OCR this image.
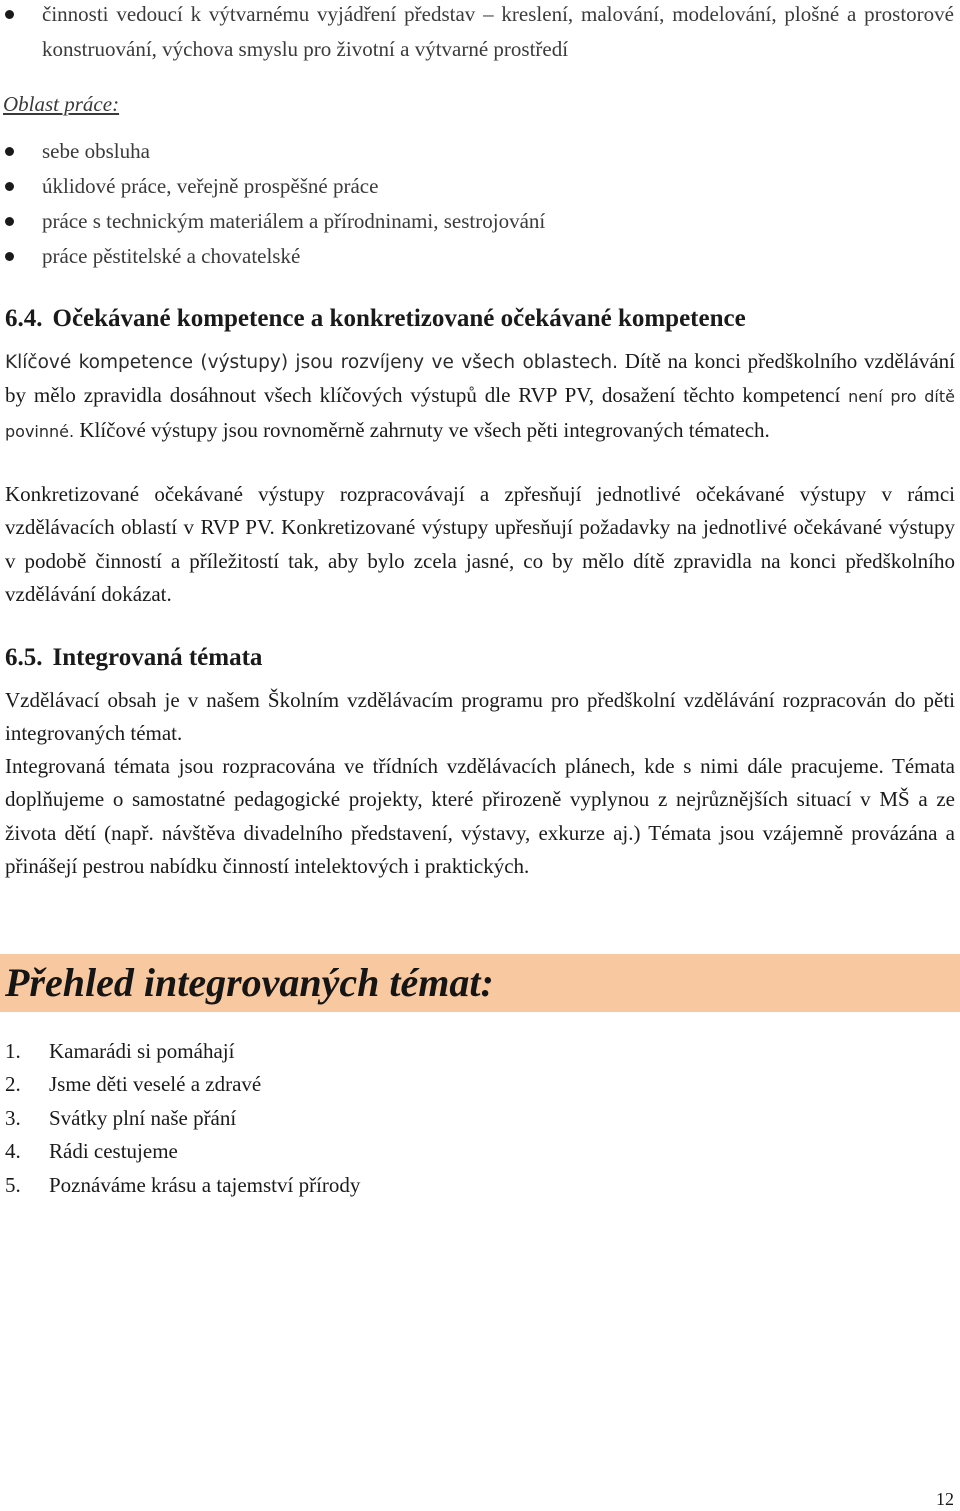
činnosti vedoucí k výtvarnému vyjádření představ – kreslení, malování, modelování, plošné a prostorové konstruování, výchova smyslu pro životní a výtvarné prostředí
Oblast práce:
sebe obsluha
úklidové práce, veřejně prospěšné práce
práce s technickým materiálem a přírodninami, sestrojování
práce pěstitelské a chovatelské
6.4. Očekávané kompetence a konkretizované očekávané kompetence

Klíčové kompetence (výstupy) jsou rozvíjeny ve všech oblastech. Dítě na konci předškolního vzdělávání by mělo zpravidla dosáhnout všech klíčových výstupů dle RVP PV, dosažení těchto kompetencí není pro dítě povinné. Klíčové výstupy jsou rovnoměrně zahrnuty ve všech pěti integrovaných tématech.

Konkretizované očekávané výstupy rozpracovávají a zpřesňují jednotlivé očekávané výstupy v rámci vzdělávacích oblastí v RVP PV. Konkretizované výstupy upřesňují požadavky na jednotlivé očekávané výstupy v podobě činností a příležitostí tak, aby bylo zcela jasné, co by mělo dítě zpravidla na konci předškolního vzdělávání dokázat.

6.5. Integrovaná témata

Vzdělávací obsah je v našem Školním vzdělávacím programu pro předškolní vzdělávání rozpracován do pěti integrovaných témat.

Integrovaná témata jsou rozpracována ve třídních vzdělávacích plánech, kde s nimi dále pracujeme. Témata doplňujeme o samostatné pedagogické projekty, které přirozeně vyplynou z nejrůznějších situací v MŠ a ze života dětí (např. návštěva divadelního představení, výstavy, exkurze aj.) Témata jsou vzájemně provázána a přinášejí pestrou nabídku činností intelektových i praktických.

Přehled integrovaných témat:
1. Kamarádi si pomáhají
2. Jsme děti veselé a zdravé
3. Svátky plní naše přání
4. Rádi cestujeme
5. Poznáváme krásu a tajemství přírody
12
